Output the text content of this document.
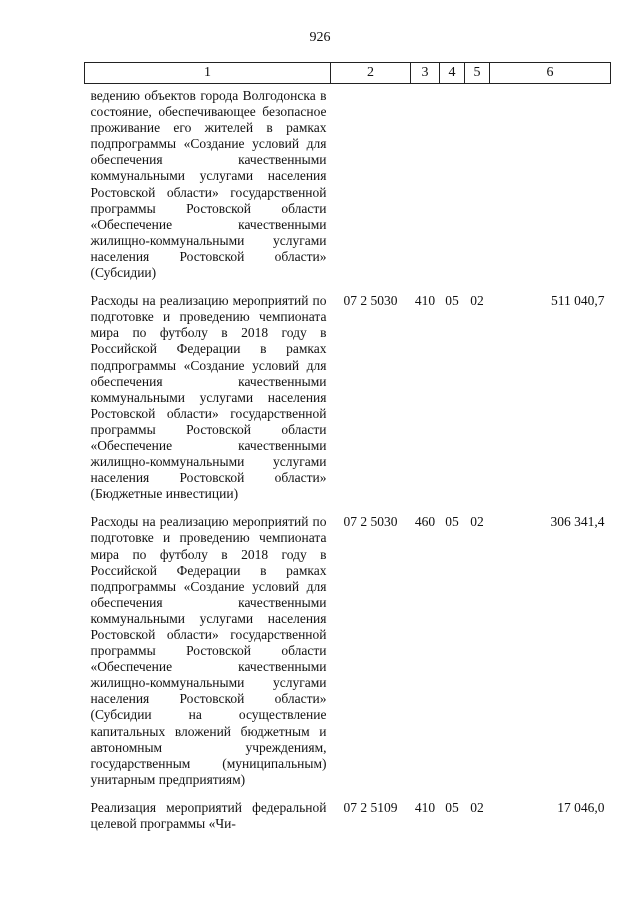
926
1	2	3	4	5	6
ведению объектов города Волгодонска в состояние, обеспечивающее безопасное проживание его жителей в рамках подпрограммы «Создание условий для обеспечения качественными коммунальными услугами населения Ростовской области» государственной программы Ростовской области «Обеспечение качественными жилищно-коммунальными услугами населения Ростовской области» (Субсидии)					
Расходы на реализацию мероприятий по подготовке и проведению чемпионата мира по футболу в 2018 году в Российской Федерации в рамках подпрограммы «Создание условий для обеспечения качественными коммунальными услугами населения Ростовской области» государственной программы Ростовской области «Обеспечение качественными жилищно-коммунальными услугами населения Ростовской области» (Бюджетные инвестиции)	07 2 5030	410	05	02	511 040,7
Расходы на реализацию мероприятий по подготовке и проведению чемпионата мира по футболу в 2018 году в Российской Федерации в рамках подпрограммы «Создание условий для обеспечения качественными коммунальными услугами населения Ростовской области» государственной программы Ростовской области «Обеспечение качественными жилищно-коммунальными услугами населения Ростовской области» (Субсидии на осуществление капитальных вложений бюджетным и автономным учреждениям, государственным (муниципальным) унитарным предприятиям)	07 2 5030	460	05	02	306 341,4
Реализация мероприятий федеральной целевой программы «Чи-	07 2 5109	410	05	02	17 046,0
